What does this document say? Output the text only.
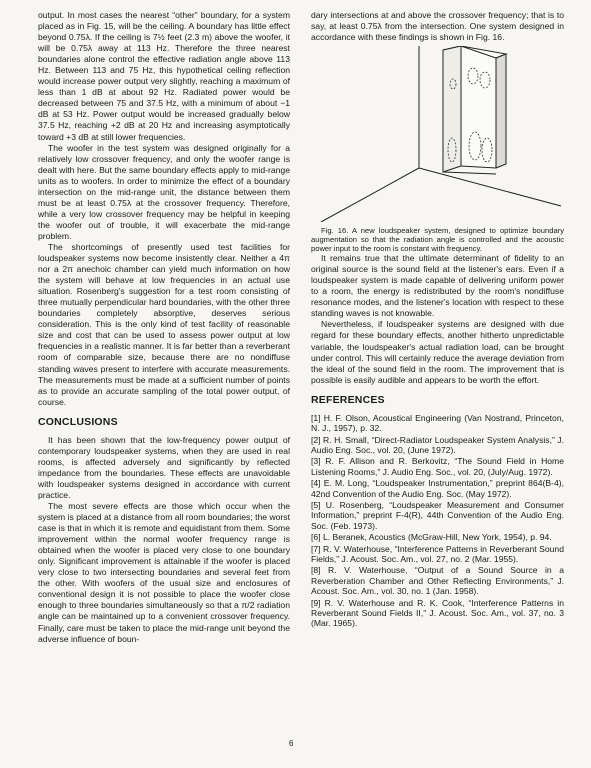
output. In most cases the nearest “other” boundary, for a system placed as in Fig. 15, will be the ceiling. A boundary has little effect beyond 0.75λ. If the ceiling is 7½ feet (2.3 m) above the woofer, it will be 0.75λ away at 113 Hz. Therefore the three nearest boundaries alone control the effective radiation angle above 113 Hz. Between 113 and 75 Hz, this hypothetical ceiling reflection would increase power output very slightly, reaching a maximum of less than 1 dB at about 92 Hz. Radiated power would be decreased between 75 and 37.5 Hz, with a minimum of about −1 dB at 53 Hz. Power output would be increased gradually below 37.5 Hz, reaching +2 dB at 20 Hz and increasing asymptotically toward +3 dB at still lower frequencies.

The woofer in the test system was designed originally for a relatively low crossover frequency, and only the woofer range is dealt with here. But the same boundary effects apply to mid-range units as to woofers. In order to minimize the effect of a boundary intersection on the mid-range unit, the distance between them must be at least 0.75λ at the crossover frequency. Therefore, while a very low crossover frequency may be helpful in keeping the woofer out of trouble, it will exacerbate the mid-range problem.

The shortcomings of presently used test facilities for loudspeaker systems now become insistently clear. Neither a 4π nor a 2π anechoic chamber can yield much information on how the system will behave at low frequencies in an actual use situation. Rosenberg's suggestion for a test room consisting of three mutually perpendicular hard boundaries, with the other three boundaries completely absorptive, deserves serious consideration. This is the only kind of test facility of reasonable size and cost that can be used to assess power output at low frequencies in a realistic manner. It is far better than a reverberant room of comparable size, because there are no nondiffuse standing waves present to interfere with accurate measurements. The measurements must be made at a sufficient number of points as to provide an accurate sampling of the total power output, of course.

CONCLUSIONS

It has been shown that the low-frequency power output of contemporary loudspeaker systems, when they are used in real rooms, is affected adversely and significantly by reflected impedance from the boundaries. These effects are unavoidable with loudspeaker systems designed in accordance with current practice.

The most severe effects are those which occur when the system is placed at a distance from all room boundaries; the worst case is that in which it is remote and equidistant from them. Some improvement within the normal woofer frequency range is obtained when the woofer is placed very close to one boundary only. Significant improvement is attainable if the woofer is placed very close to two intersecting boundaries and several feet from the other. With woofers of the usual size and enclosures of conventional design it is not possible to place the woofer close enough to three boundaries simultaneously so that a π/2 radiation angle can be maintained up to a convenient crossover frequency. Finally, care must be taken to place the mid-range unit beyond the adverse influence of boun-

dary intersections at and above the crossover frequency; that is to say, at least 0.75λ from the intersection. One system designed in accordance with these findings is shown in Fig. 16.

Fig. 16. A new loudspeaker system, designed to optimize boundary augmentation so that the radiation angle is controlled and the acoustic power input to the room is constant with frequency.

It remains true that the ultimate determinant of fidelity to an original source is the sound field at the listener's ears. Even if a loudspeaker system is made capable of delivering uniform power to a room, the energy is redistributed by the room's nondiffuse resonance modes, and the listener's location with respect to these standing waves is not knowable.

Nevertheless, if loudspeaker systems are designed with due regard for these boundary effects, another hitherto unpredictable variable, the loudspeaker's actual radiation load, can be brought under control. This will certainly reduce the average deviation from the ideal of the sound field in the room. The improvement that is possible is easily audible and appears to be worth the effort.

REFERENCES

[1] H. F. Olson, Acoustical Engineering (Van Nostrand, Princeton, N. J., 1957), p. 32.

[2] R. H. Small, “Direct-Radiator Loudspeaker System Analysis,” J. Audio Eng. Soc., vol. 20, (June 1972).

[3] R. F. Allison and R. Berkovitz, “The Sound Field in Home Listening Rooms,” J. Audio Eng. Soc., vol. 20, (July/Aug. 1972).

[4] E. M. Long, “Loudspeaker Instrumentation,” preprint 864(B-4), 42nd Convention of the Audio Eng. Soc. (May 1972).

[5] U. Rosenberg, “Loudspeaker Measurement and Consumer Information,” preprint F-4(R), 44th Convention of the Audio Eng. Soc. (Feb. 1973).

[6] L. Beranek, Acoustics (McGraw-Hill, New York, 1954), p. 94.

[7] R. V. Waterhouse, “Interference Patterns in Reverberant Sound Fields,” J. Acoust. Soc. Am., vol. 27, no. 2 (Mar. 1955).

[8] R. V. Waterhouse, “Output of a Sound Source in a Reverberation Chamber and Other Reflecting Environments,” J. Acoust. Soc. Am., vol. 30, no. 1 (Jan. 1958).

[9] R. V. Waterhouse and R. K. Cook, “Interference Patterns in Reverberant Sound Fields II,” J. Acoust. Soc. Am., vol. 37, no. 3 (Mar. 1965).

6
